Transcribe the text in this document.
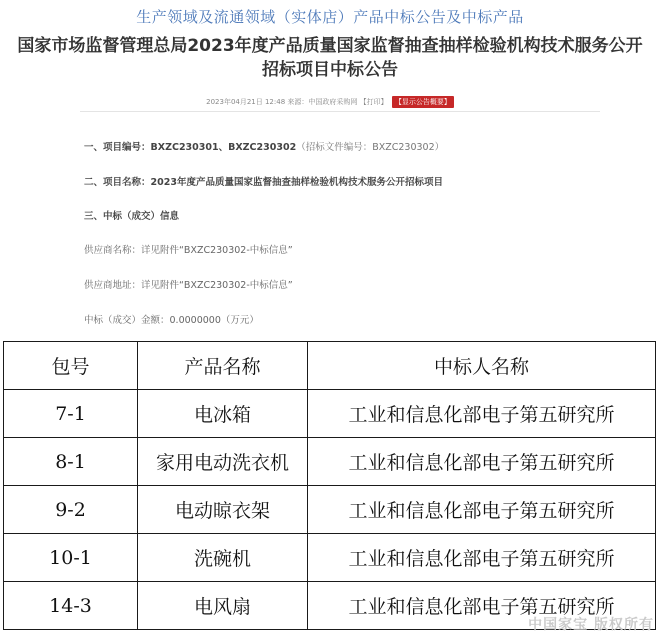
生产领域及流通领域（实体店）产品中标公告及中标产品
国家市场监督管理总局2023年度产品质量国家监督抽查抽样检验机构技术服务公开
招标项目中标公告
2023年04月21日 12:48 来源：中国政府采购网 【打印】 【显示公告概要】
一、项目编号：BXZC230301、BXZC230302（招标文件编号：BXZC230302）
二、项目名称：2023年度产品质量国家监督抽查抽样检验机构技术服务公开招标项目
三、中标（成交）信息
供应商名称：详见附件“BXZC230302-中标信息”
供应商地址：详见附件“BXZC230302-中标信息”
中标（成交）金额：0.0000000（万元）
包号	产品名称	中标人名称
7-1	电冰箱	工业和信息化部电子第五研究所
8-1	家用电动洗衣机	工业和信息化部电子第五研究所
9-2	电动晾衣架	工业和信息化部电子第五研究所
10-1	洗碗机	工业和信息化部电子第五研究所
14-3	电风扇	工业和信息化部电子第五研究所
中国家宝 版权所有
